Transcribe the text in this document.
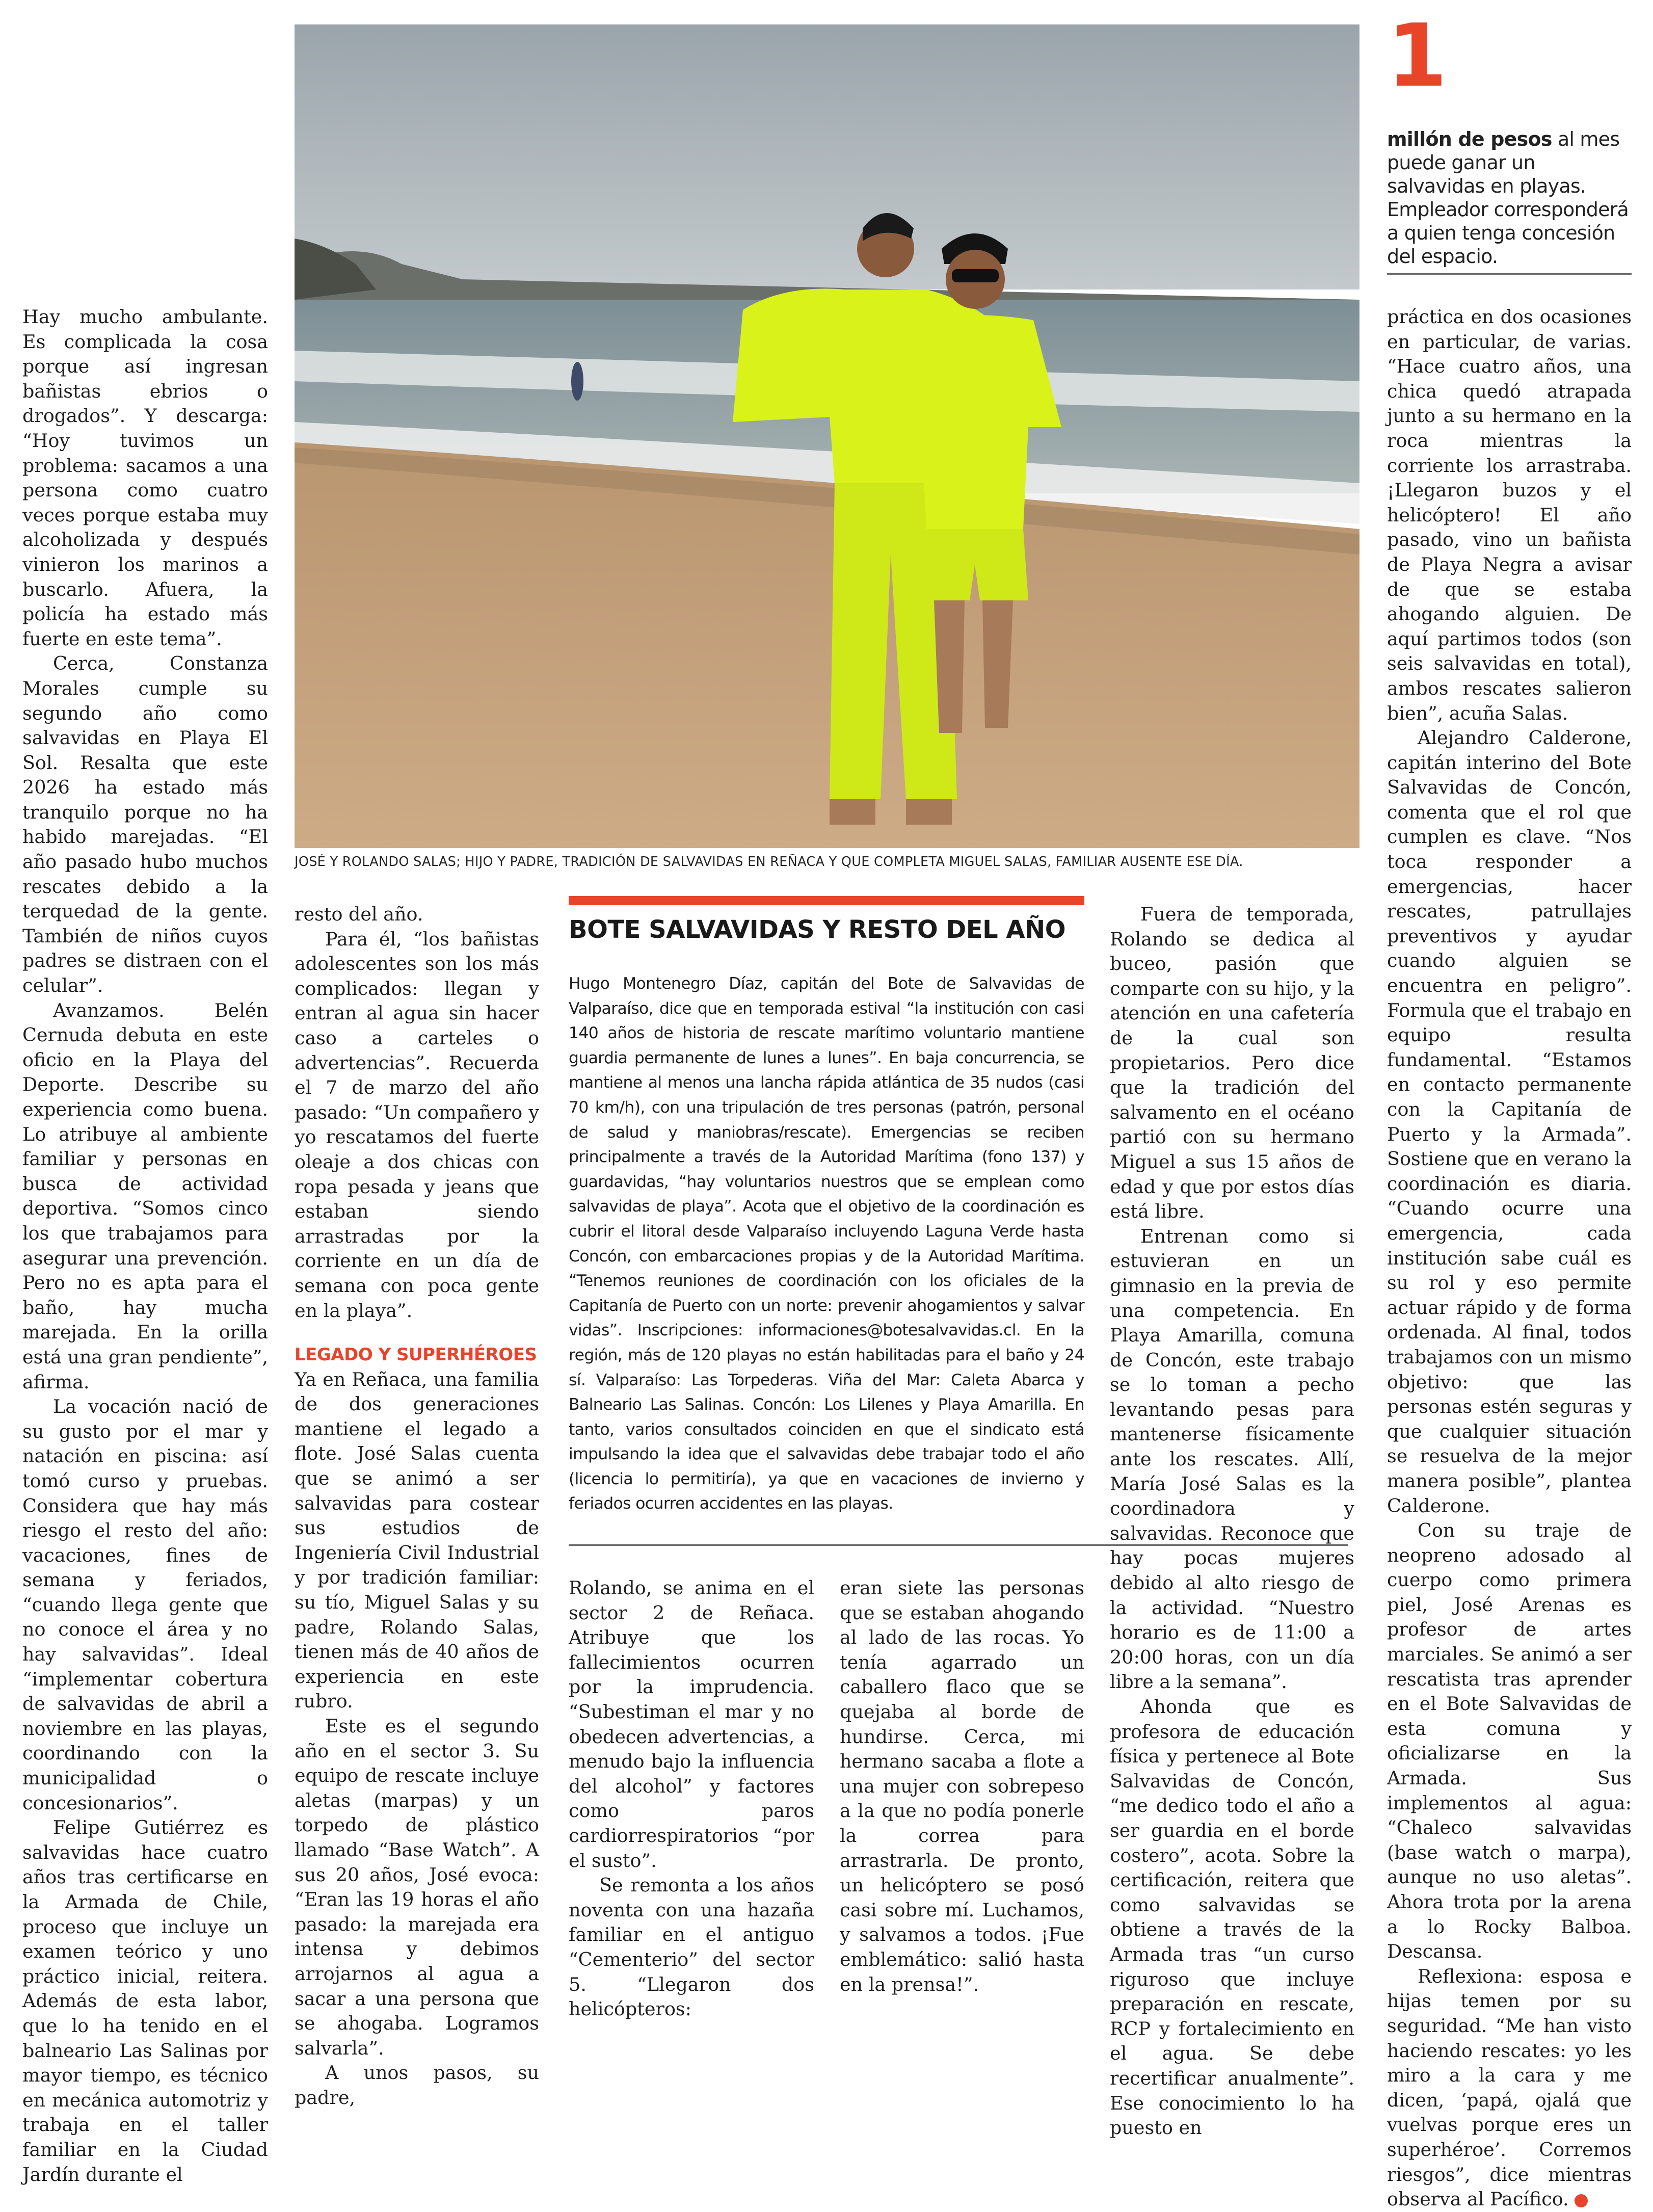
JOSÉ Y ROLANDO SALAS; HIJO Y PADRE, TRADICIÓN DE SALVAVIDAS EN REÑACA Y QUE COMPLETA MIGUEL SALAS, FAMILIAR AUSENTE ESE DÍA.
1
millón de pesos al mes puede ganar un salvavidas en playas. Empleador corresponderá a quien tenga concesión del espacio.

Hay mucho ambulante. Es complicada la cosa porque así ingresan bañistas ebrios o drogados”. Y descarga: “Hoy tuvimos un problema: sacamos a una persona como cuatro veces porque estaba muy alcoholizada y después vinieron los marinos a buscarlo. Afuera, la policía ha estado más fuerte en este tema”.

Cerca, Constanza Morales cumple su segundo año como salvavidas en Playa El Sol. Resalta que este 2026 ha estado más tranquilo porque no ha habido marejadas. “El año pasado hubo muchos rescates debido a la terquedad de la gente. También de niños cuyos padres se distraen con el celular”.

Avanzamos. Belén Cernuda debuta en este oficio en la Playa del Deporte. Describe su experiencia como buena. Lo atribuye al ambiente familiar y personas en busca de actividad deportiva. “Somos cinco los que trabajamos para asegurar una prevención. Pero no es apta para el baño, hay mucha marejada. En la orilla está una gran pendiente”, afirma.

La vocación nació de su gusto por el mar y natación en piscina: así tomó curso y pruebas. Considera que hay más riesgo el resto del año: vacaciones, fines de semana y feriados, “cuando llega gente que no conoce el área y no hay salvavidas”. Ideal “implementar cobertura de salvavidas de abril a noviembre en las playas, coordinando con la municipalidad o concesionarios”.

Felipe Gutiérrez es salvavidas hace cuatro años tras certificarse en la Armada de Chile, proceso que incluye un examen teórico y uno práctico inicial, reitera. Además de esta labor, que lo ha tenido en el balneario Las Salinas por mayor tiempo, es técnico en mecánica automotriz y trabaja en el taller familiar en la Ciudad Jardín durante el

resto del año.

Para él, “los bañistas adolescentes son los más complicados: llegan y entran al agua sin hacer caso a carteles o advertencias”. Recuerda el 7 de marzo del año pasado: “Un compañero y yo rescatamos del fuerte oleaje a dos chicas con ropa pesada y jeans que estaban siendo arrastradas por la corriente en un día de semana con poca gente en la playa”.

LEGADO Y SUPERHÉROES

Ya en Reñaca, una familia de dos generaciones mantiene el legado a flote. José Salas cuenta que se animó a ser salvavidas para costear sus estudios de Ingeniería Civil Industrial y por tradición familiar: su tío, Miguel Salas y su padre, Rolando Salas, tienen más de 40 años de experiencia en este rubro.

Este es el segundo año en el sector 3. Su equipo de rescate incluye aletas (marpas) y un torpedo de plástico llamado “Base Watch”. A sus 20 años, José evoca: “Eran las 19 horas el año pasado: la marejada era intensa y debimos arrojarnos al agua a sacar a una persona que se ahogaba. Logramos salvarla”.

A unos pasos, su padre,

BOTE SALVAVIDAS Y RESTO DEL AÑO
Hugo Montenegro Díaz, capitán del Bote de Salvavidas de Valparaíso, dice que en temporada estival “la institución con casi 140 años de historia de rescate marítimo voluntario mantiene guardia permanente de lunes a lunes”. En baja concurrencia, se mantiene al menos una lancha rápida atlántica de 35 nudos (casi 70 km/h), con una tripulación de tres personas (patrón, personal de salud y maniobras/rescate). Emergencias se reciben principalmente a través de la Autoridad Marítima (fono 137) y guardavidas, “hay voluntarios nuestros que se emplean como salvavidas de playa”. Acota que el objetivo de la coordinación es cubrir el litoral desde Valparaíso incluyendo Laguna Verde hasta Concón, con embarcaciones propias y de la Autoridad Marítima. “Tenemos reuniones de coordinación con los oficiales de la Capitanía de Puerto con un norte: prevenir ahogamientos y salvar vidas”. Inscripciones: informaciones@botesalvavidas.cl. En la región, más de 120 playas no están habilitadas para el baño y 24 sí. Valparaíso: Las Torpederas. Viña del Mar: Caleta Abarca y Balneario Las Salinas. Concón: Los Lilenes y Playa Amarilla. En tanto, varios consultados coinciden en que el sindicato está impulsando la idea que el salvavidas debe trabajar todo el año (licencia lo permitiría), ya que en vacaciones de invierno y feriados ocurren accidentes en las playas.

Rolando, se anima en el sector 2 de Reñaca. Atribuye que los fallecimientos ocurren por la imprudencia. “Subestiman el mar y no obedecen advertencias, a menudo bajo la influencia del alcohol” y factores como paros cardiorrespiratorios “por el susto”.

Se remonta a los años noventa con una hazaña familiar en el antiguo “Cementerio” del sector 5. “Llegaron dos helicópteros:

eran siete las personas que se estaban ahogando al lado de las rocas. Yo tenía agarrado un caballero flaco que se quejaba al borde de hundirse. Cerca, mi hermano sacaba a flote a una mujer con sobrepeso a la que no podía ponerle la correa para arrastrarla. De pronto, un helicóptero se posó casi sobre mí. Luchamos, y salvamos a todos. ¡Fue emblemático: salió hasta en la prensa!”.

Fuera de temporada, Rolando se dedica al buceo, pasión que comparte con su hijo, y la atención en una cafetería de la cual son propietarios. Pero dice que la tradición del salvamento en el océano partió con su hermano Miguel a sus 15 años de edad y que por estos días está libre.

Entrenan como si estuvieran en un gimnasio en la previa de una competencia. En Playa Amarilla, comuna de Concón, este trabajo se lo toman a pecho levantando pesas para mantenerse físicamente ante los rescates. Allí, María José Salas es la coordinadora y salvavidas. Reconoce que hay pocas mujeres debido al alto riesgo de la actividad. “Nuestro horario es de 11:00 a 20:00 horas, con un día libre a la semana”.

Ahonda que es profesora de educación física y pertenece al Bote Salvavidas de Concón, “me dedico todo el año a ser guardia en el borde costero”, acota. Sobre la certificación, reitera que como salvavidas se obtiene a través de la Armada tras “un curso riguroso que incluye preparación en rescate, RCP y fortalecimiento en el agua. Se debe recertificar anualmente”. Ese conocimiento lo ha puesto en

práctica en dos ocasiones en particular, de varias. “Hace cuatro años, una chica quedó atrapada junto a su hermano en la roca mientras la corriente los arrastraba. ¡Llegaron buzos y el helicóptero! El año pasado, vino un bañista de Playa Negra a avisar de que se estaba ahogando alguien. De aquí partimos todos (son seis salvavidas en total), ambos rescates salieron bien”, acuña Salas.

Alejandro Calderone, capitán interino del Bote Salvavidas de Concón, comenta que el rol que cumplen es clave. “Nos toca responder a emergencias, hacer rescates, patrullajes preventivos y ayudar cuando alguien se encuentra en peligro”. Formula que el trabajo en equipo resulta fundamental. “Estamos en contacto permanente con la Capitanía de Puerto y la Armada”. Sostiene que en verano la coordinación es diaria. “Cuando ocurre una emergencia, cada institución sabe cuál es su rol y eso permite actuar rápido y de forma ordenada. Al final, todos trabajamos con un mismo objetivo: que las personas estén seguras y que cualquier situación se resuelva de la mejor manera posible”, plantea Calderone.

Con su traje de neopreno adosado al cuerpo como primera piel, José Arenas es profesor de artes marciales. Se animó a ser rescatista tras aprender en el Bote Salvavidas de esta comuna y oficializarse en la Armada. Sus implementos al agua: “Chaleco salvavidas (base watch o marpa), aunque no uso aletas”. Ahora trota por la arena a lo Rocky Balboa. Descansa.

Reflexiona: esposa e hijas temen por su seguridad. “Me han visto haciendo rescates: yo les miro a la cara y me dicen, ‘papá, ojalá que vuelvas porque eres un superhéroe’. Corremos riesgos”, dice mientras observa al Pacífico.	✪
